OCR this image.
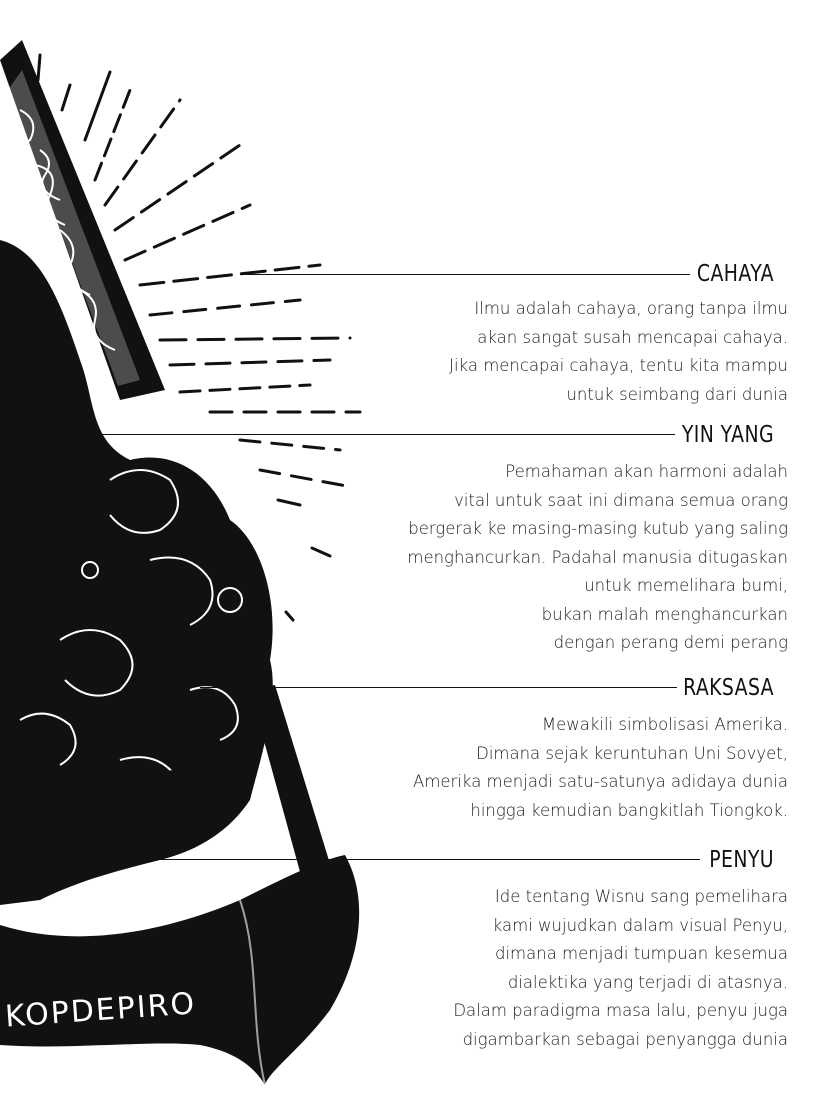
KOPDEPIRO
CAHAYA
Ilmu adalah cahaya, orang tanpa ilmu
akan sangat susah mencapai cahaya.
Jika mencapai cahaya, tentu kita mampu
untuk seimbang dari dunia
YIN YANG
Pemahaman akan harmoni adalah
vital untuk saat ini dimana semua orang
bergerak ke masing-masing kutub yang saling
menghancurkan. Padahal manusia ditugaskan
untuk memelihara bumi,
bukan malah menghancurkan
dengan perang demi perang
RAKSASA
Mewakili simbolisasi Amerika.
Dimana sejak keruntuhan Uni Sovyet,
Amerika menjadi satu-satunya adidaya dunia
hingga kemudian bangkitlah Tiongkok.
PENYU
Ide tentang Wisnu sang pemelihara
kami wujudkan dalam visual Penyu,
dimana menjadi tumpuan kesemua
dialektika yang terjadi di atasnya.
Dalam paradigma masa lalu, penyu juga
digambarkan sebagai penyangga dunia
